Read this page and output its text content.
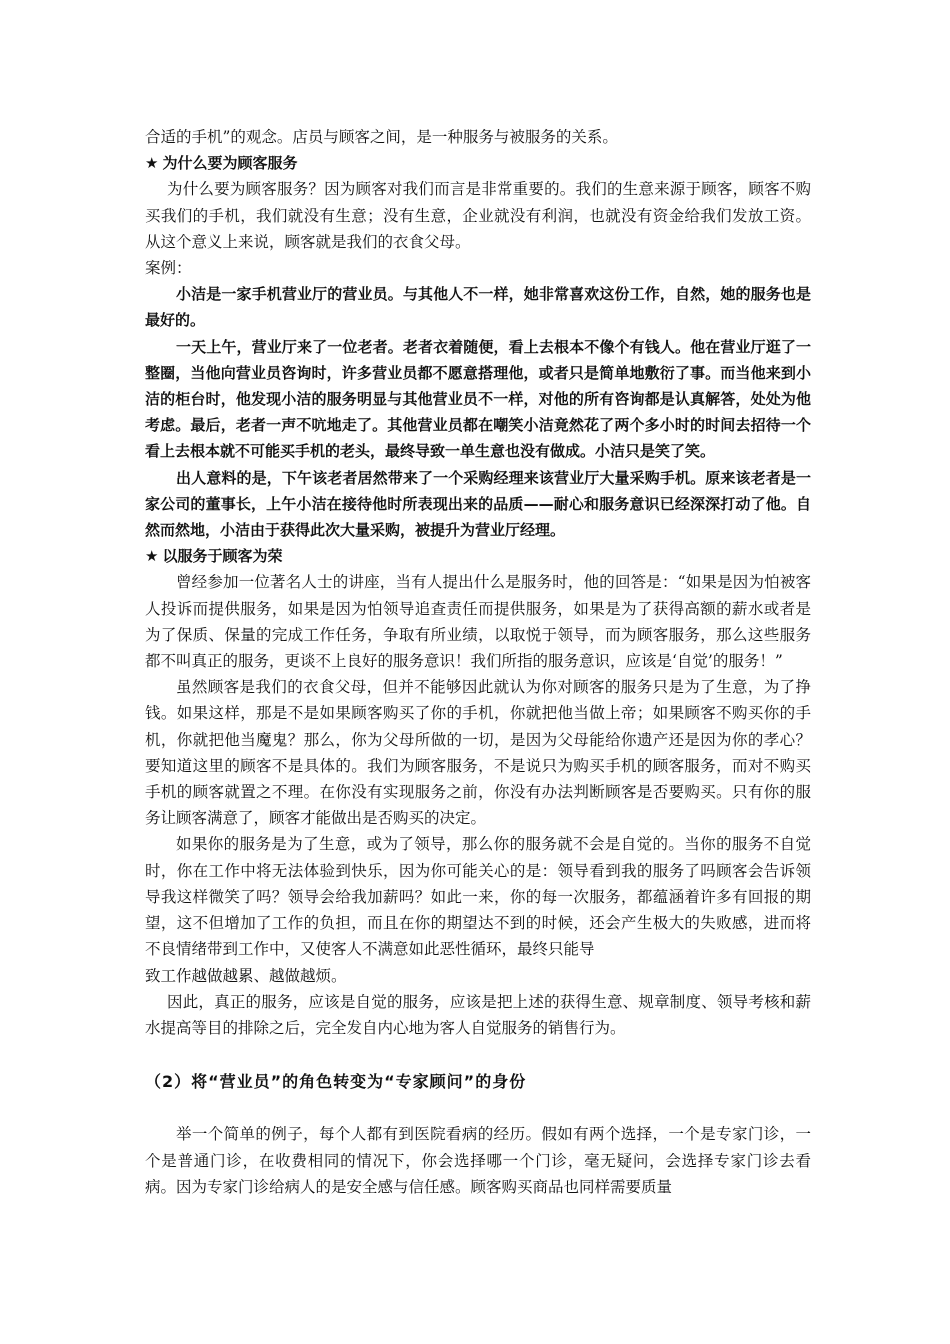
合适的手机”的观念。店员与顾客之间，是一种服务与被服务的关系。

★ 为什么要为顾客服务

为什么要为顾客服务？因为顾客对我们而言是非常重要的。我们的生意来源于顾客，顾客不购买我们的手机，我们就没有生意；没有生意，企业就没有利润，也就没有资金给我们发放工资。从这个意义上来说，顾客就是我们的衣食父母。

案例：

小洁是一家手机营业厅的营业员。与其他人不一样，她非常喜欢这份工作，自然，她的服务也是最好的。

一天上午，营业厅来了一位老者。老者衣着随便，看上去根本不像个有钱人。他在营业厅逛了一整圈，当他向营业员咨询时，许多营业员都不愿意搭理他，或者只是简单地敷衍了事。而当他来到小洁的柜台时，他发现小洁的服务明显与其他营业员不一样，对他的所有咨询都是认真解答，处处为他考虑。最后，老者一声不吭地走了。其他营业员都在嘲笑小洁竟然花了两个多小时的时间去招待一个看上去根本就不可能买手机的老头，最终导致一单生意也没有做成。小洁只是笑了笑。

出人意料的是，下午该老者居然带来了一个采购经理来该营业厅大量采购手机。原来该老者是一家公司的董事长，上午小洁在接待他时所表现出来的品质——耐心和服务意识已经深深打动了他。自然而然地，小洁由于获得此次大量采购，被提升为营业厅经理。

★ 以服务于顾客为荣

曾经参加一位著名人士的讲座，当有人提出什么是服务时，他的回答是：“如果是因为怕被客人投诉而提供服务，如果是因为怕领导追查责任而提供服务，如果是为了获得高额的薪水或者是为了保质、保量的完成工作任务，争取有所业绩，以取悦于领导，而为顾客服务，那么这些服务都不叫真正的服务，更谈不上良好的服务意识！我们所指的服务意识，应该是‘自觉’的服务！”

虽然顾客是我们的衣食父母，但并不能够因此就认为你对顾客的服务只是为了生意，为了挣钱。如果这样，那是不是如果顾客购买了你的手机，你就把他当做上帝；如果顾客不购买你的手机，你就把他当魔鬼？那么，你为父母所做的一切，是因为父母能给你遗产还是因为你的孝心？要知道这里的顾客不是具体的。我们为顾客服务，不是说只为购买手机的顾客服务，而对不购买手机的顾客就置之不理。在你没有实现服务之前，你没有办法判断顾客是否要购买。只有你的服务让顾客满意了，顾客才能做出是否购买的决定。

如果你的服务是为了生意，或为了领导，那么你的服务就不会是自觉的。当你的服务不自觉时，你在工作中将无法体验到快乐，因为你可能关心的是：领导看到我的服务了吗顾客会告诉领导我这样微笑了吗？领导会给我加薪吗？如此一来，你的每一次服务，都蕴涵着许多有回报的期望，这不但增加了工作的负担，而且在你的期望达不到的时候，还会产生极大的失败感，进而将不良情绪带到工作中，又使客人不满意如此恶性循环，最终只能导

致工作越做越累、越做越烦。

因此，真正的服务，应该是自觉的服务，应该是把上述的获得生意、规章制度、领导考核和薪水提高等目的排除之后，完全发自内心地为客人自觉服务的销售行为。

（2）将“营业员”的角色转变为“专家顾问”的身份

举一个简单的例子，每个人都有到医院看病的经历。假如有两个选择，一个是专家门诊，一个是普通门诊，在收费相同的情况下，你会选择哪一个门诊，毫无疑问，会选择专家门诊去看病。因为专家门诊给病人的是安全感与信任感。顾客购买商品也同样需要质量
